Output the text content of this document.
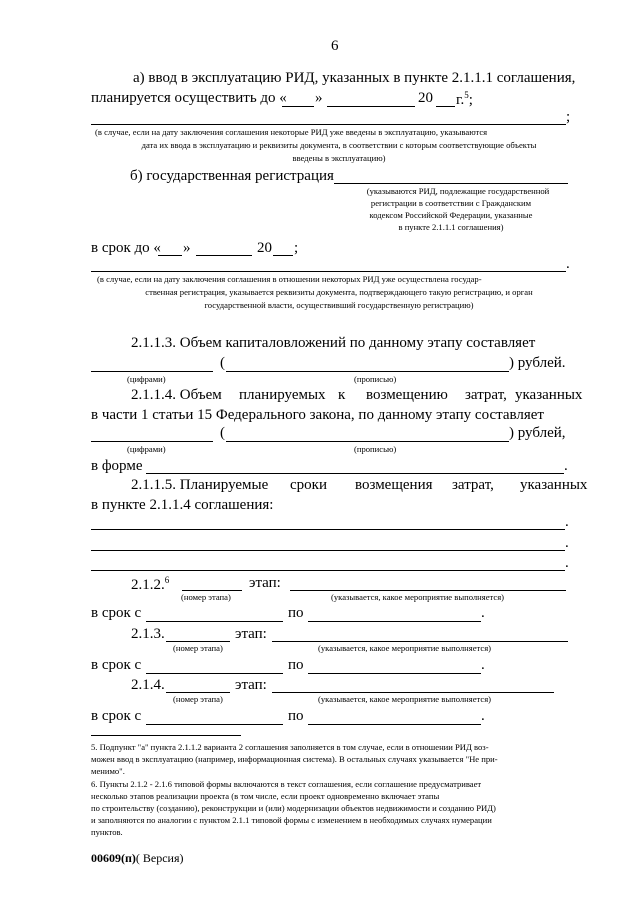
6
а) ввод в эксплуатацию РИД, указанных в пункте 2.1.1.1 соглашения,
планируется осуществить до « »	20 г.$^5$;
;
(в случае, если на дату заключения соглашения некоторые РИД уже введены в эксплуатацию, указываются
дата их ввода в эксплуатацию и реквизиты документа, в соответствии с которым соответствующие объекты
введены в эксплуатацию)
б) государственная регистрация
(указываются РИД, подлежащие государственной
регистрации в соответствии с Гражданским
кодексом Российской Федерации, указанные
в пункте 2.1.1.1 соглашения)
в срок до « »	20 ;
.
(в случае, если на дату заключения соглашения в отношении некоторых РИД уже осуществлена государ-
ственная регистрация, указывается реквизиты документа, подтверждающего такую регистрацию, и орган
государственной власти, осуществивший государственную регистрацию)
2.1.1.3. Объем капиталовложений по данному этапу составляет
(	) рублей.
(цифрами)	(прописью)
2.1.1.4. Объем планируемых к возмещению затрат, указанных
в части 1 статьи 15 Федерального закона, по данному этапу составляет
(	) рублей,
(цифрами)	(прописью)
в форме	.
2.1.1.5. Планируемые сроки возмещения затрат, указанных
в пункте 2.1.1.4 соглашения:
.
.
.
2.1.2.$^6$	этап:
(номер этапа)	(указывается, какое мероприятие выполняется)
в срок с	по	.
2.1.3.	этап:
(номер этапа)	(указывается, какое мероприятие выполняется)
в срок с	по	.
2.1.4.	этап:
(номер этапа)	(указывается, какое мероприятие выполняется)
в срок с	по	.
5. Подпункт "а" пункта 2.1.1.2 варианта 2 соглашения заполняется в том случае, если в отношении РИД воз-
можен ввод в эксплуатацию (например, информационная система). В остальных случаях указывается "Не при-
менимо".
6. Пункты 2.1.2 - 2.1.6 типовой формы включаются в текст соглашения, если соглашение предусматривает
несколько этапов реализации проекта (в том числе, если проект одновременно включает этапы
по строительству (созданию), реконструкции и (или) модернизации объектов недвижимости и созданию РИД)
и заполняются по аналогии с пунктом 2.1.1 типовой формы с изменением в необходимых случаях нумерации
пунктов.
00609(п)( Версия)
